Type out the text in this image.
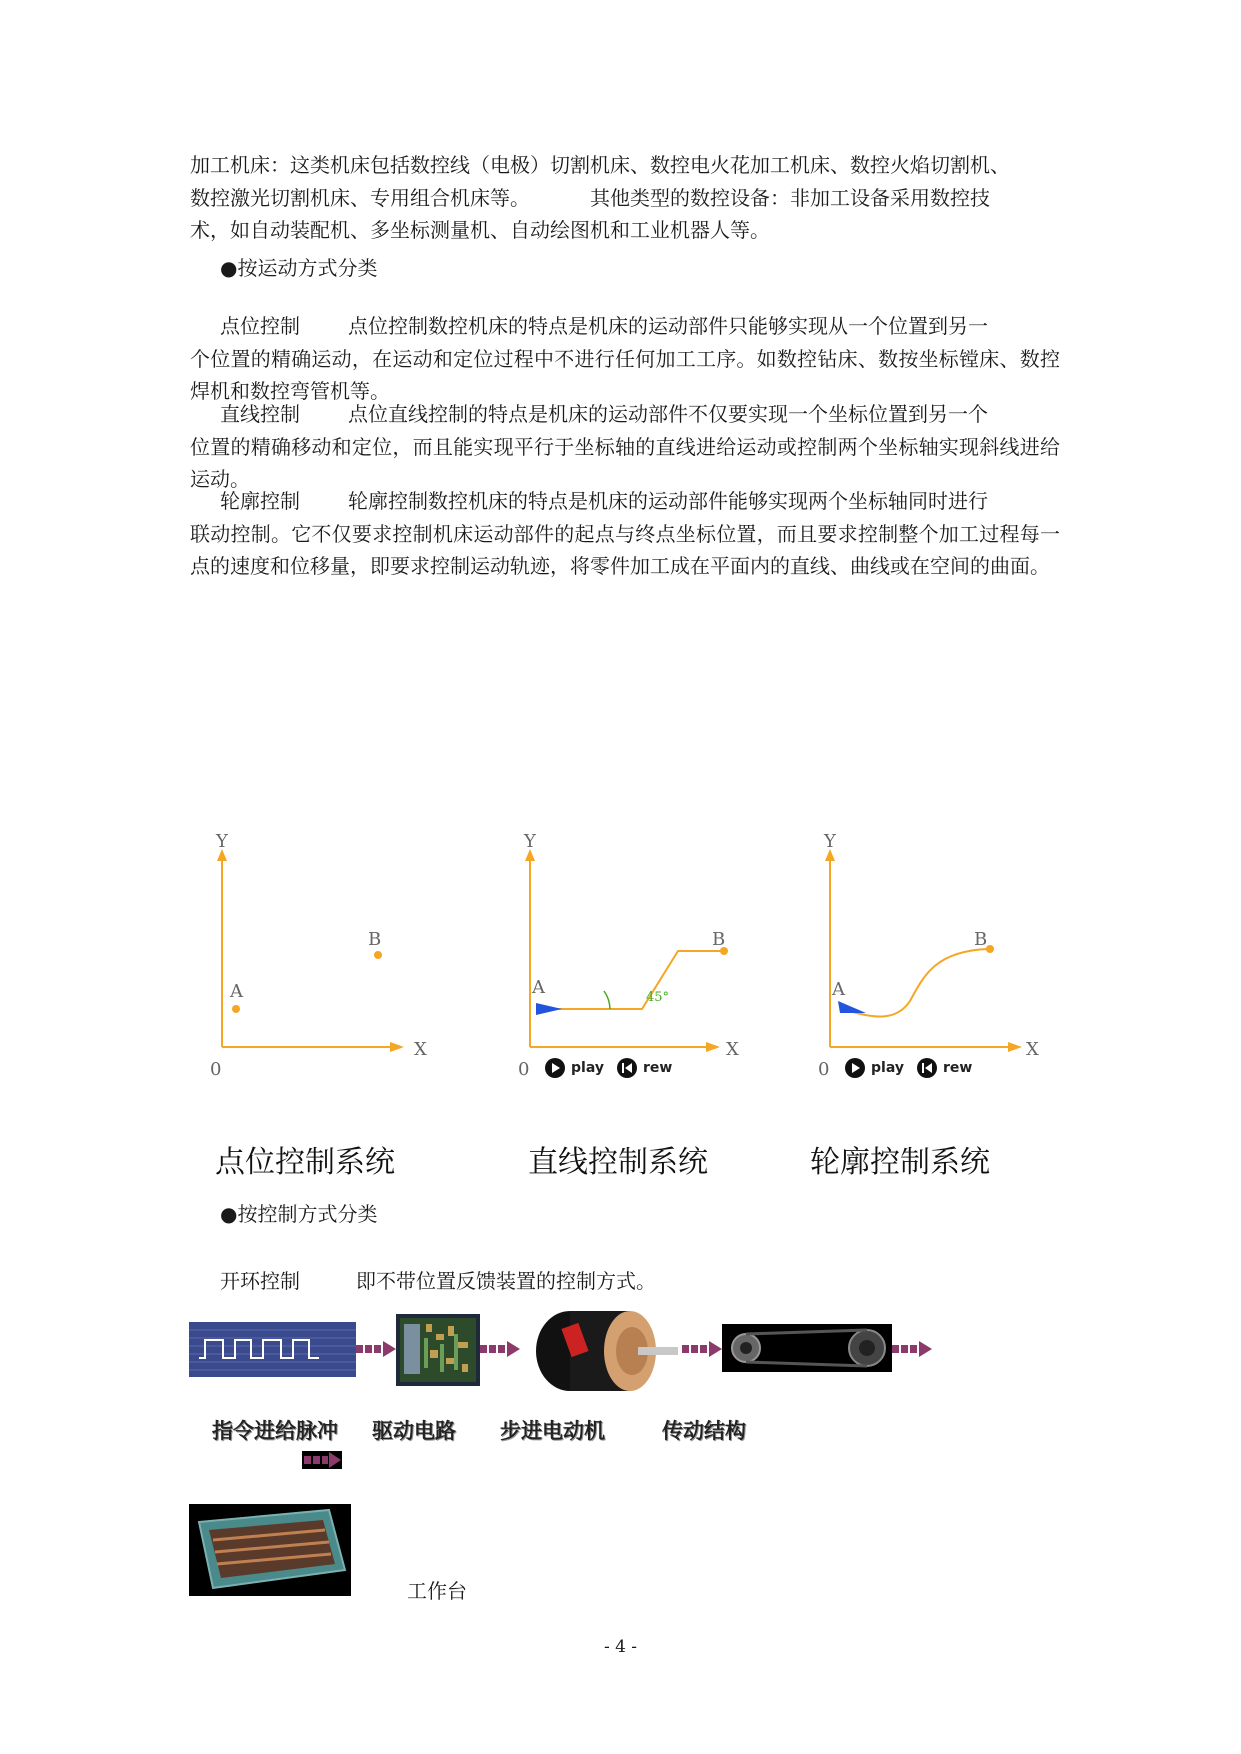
加工机床：这类机床包括数控线（电极）切割机床、数控电火花加工机床、数控火焰切割机、
数控激光切割机床、专用组合机床等。	其他类型的数控设备：非加工设备采用数控技
术，如自动装配机、多坐标测量机、自动绘图机和工业机器人等。

●按运动方式分类

点位控制 点位控制数控机床的特点是机床的运动部件只能够实现从一个位置到另一
个位置的精确运动，在运动和定位过程中不进行任何加工工序。如数控钻床、数按坐标镗床、数控焊机和数控弯管机等。
直线控制 点位直线控制的特点是机床的运动部件不仅要实现一个坐标位置到另一个
位置的精确移动和定位，而且能实现平行于坐标轴的直线进给运动或控制两个坐标轴实现斜线进给运动。
轮廓控制 轮廓控制数控机床的特点是机床的运动部件能够实现两个坐标轴同时进行
联动控制。它不仅要求控制机床运动部件的起点与终点坐标位置，而且要求控制整个加工过程每一点的速度和位移量，即要求控制运动轨迹，将零件加工成在平面内的直线、曲线或在空间的曲面。
Y
X
0
A
B
Y
X
0
45°
A
B
play	rew
Y
X
0
A
B
play	rew

点位控制系统	直线控制系统	轮廓控制系统

●按控制方式分类

开环控制	即不带位置反馈装置的控制方式。

指令进给脉冲 驱动电路 步进电动机	传动结构

工作台

- 4 -
